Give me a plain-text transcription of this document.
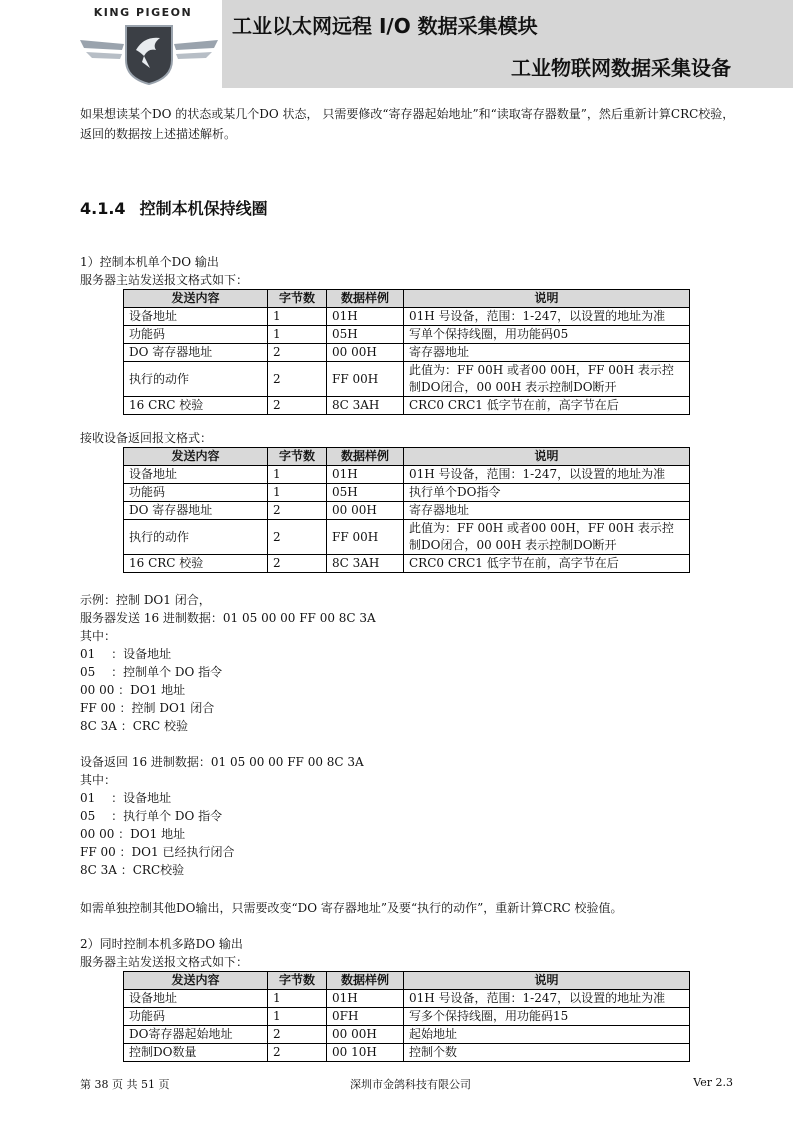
KING PIGEON
工业以太网远程 I/O 数据采集模块
工业物联网数据采集设备

如果想读某个DO 的状态或某几个DO 状态， 只需要修改“寄存器起始地址”和“读取寄存器数量”，然后重新计算CRC校验，返回的数据按上述描述解析。

4.1.4 控制本机保持线圈

1）控制本机单个DO 输出

服务器主站发送报文格式如下：

发送内容	字节数	数据样例	说明
设备地址	1	01H	01H 号设备，范围：1-247，以设置的地址为准
功能码	1	05H	写单个保持线圈，用功能码05
DO 寄存器地址	2	00 00H	寄存器地址
执行的动作	2	FF 00H	此值为：FF 00H 或者00 00H，FF 00H 表示控制DO闭合，00 00H 表示控制DO断开
16 CRC 校验	2	8C 3AH	CRC0 CRC1 低字节在前，高字节在后

接收设备返回报文格式：

发送内容	字节数	数据样例	说明
设备地址	1	01H	01H 号设备，范围：1-247，以设置的地址为准
功能码	1	05H	执行单个DO指令
DO 寄存器地址	2	00 00H	寄存器地址
执行的动作	2	FF 00H	此值为：FF 00H 或者00 00H，FF 00H 表示控制DO闭合，00 00H 表示控制DO断开
16 CRC 校验	2	8C 3AH	CRC0 CRC1 低字节在前，高字节在后

示例：控制 DO1 闭合，

服务器发送 16 进制数据：01 05 00 00 FF 00 8C 3A

其中：

01　 ：设备地址

05　 ：控制单个 DO 指令

00 00 ：DO1 地址

FF 00 ：控制 DO1 闭合

8C 3A ：CRC 校验

设备返回 16 进制数据：01 05 00 00 FF 00 8C 3A

其中：

01　 ：设备地址

05　 ：执行单个 DO 指令

00 00 ：DO1 地址

FF 00 ：DO1 已经执行闭合

8C 3A ：CRC校验

如需单独控制其他DO输出，只需要改变“DO 寄存器地址”及要“执行的动作”，重新计算CRC 校验值。

2）同时控制本机多路DO 输出

服务器主站发送报文格式如下：

发送内容	字节数	数据样例	说明
设备地址	1	01H	01H 号设备，范围：1-247，以设置的地址为准
功能码	1	0FH	写多个保持线圈，用功能码15
DO寄存器起始地址	2	00 00H	起始地址
控制DO数量	2	00 10H	控制个数
第 38 页 共 51 页	深圳市金鸽科技有限公司	Ver 2.3
